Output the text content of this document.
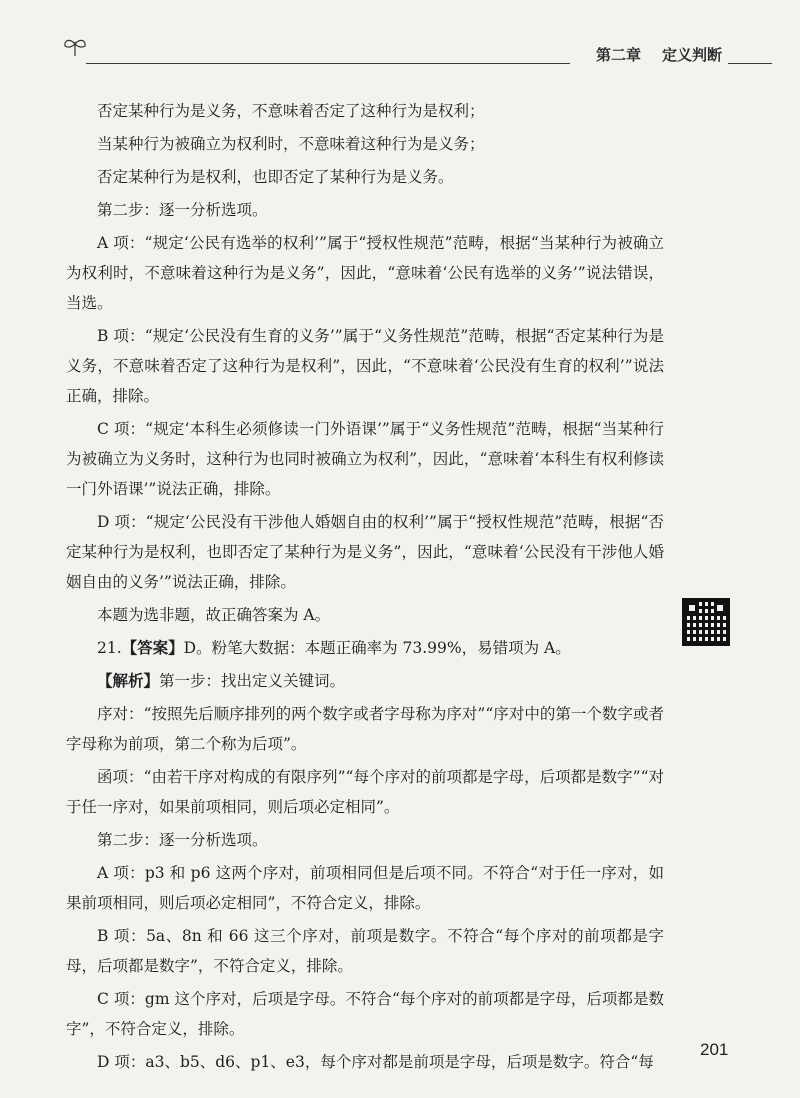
第二章 定义判断

否定某种行为是义务，不意味着否定了这种行为是权利；

当某种行为被确立为权利时，不意味着这种行为是义务；

否定某种行为是权利，也即否定了某种行为是义务。

第二步：逐一分析选项。

A 项：“规定‘公民有选举的权利’”属于“授权性规范”范畴，根据“当某种行为被确立为权利时，不意味着这种行为是义务”，因此，“意味着‘公民有选举的义务’”说法错误，当选。

B 项：“规定‘公民没有生育的义务’”属于“义务性规范”范畴，根据“否定某种行为是义务，不意味着否定了这种行为是权利”，因此，“不意味着‘公民没有生育的权利’”说法正确，排除。

C 项：“规定‘本科生必须修读一门外语课’”属于“义务性规范”范畴，根据“当某种行为被确立为义务时，这种行为也同时被确立为权利”，因此，“意味着‘本科生有权利修读一门外语课’”说法正确，排除。

D 项：“规定‘公民没有干涉他人婚姻自由的权利’”属于“授权性规范”范畴，根据“否定某种行为是权利，也即否定了某种行为是义务”，因此，“意味着‘公民没有干涉他人婚姻自由的义务’”说法正确，排除。

本题为选非题，故正确答案为 A。

21.【答案】D。粉笔大数据：本题正确率为 73.99%，易错项为 A。

【解析】第一步：找出定义关键词。

序对：“按照先后顺序排列的两个数字或者字母称为序对”“序对中的第一个数字或者字母称为前项，第二个称为后项”。

函项：“由若干序对构成的有限序列”“每个序对的前项都是字母，后项都是数字”“对于任一序对，如果前项相同，则后项必定相同”。

第二步：逐一分析选项。

A 项：p3 和 p6 这两个序对，前项相同但是后项不同。不符合“对于任一序对，如果前项相同，则后项必定相同”，不符合定义，排除。

B 项：5a、8n 和 66 这三个序对，前项是数字。不符合“每个序对的前项都是字母，后项都是数字”，不符合定义，排除。

C 项：gm 这个序对，后项是字母。不符合“每个序对的前项都是字母，后项都是数字”，不符合定义，排除。

D 项：a3、b5、d6、p1、e3，每个序对都是前项是字母，后项是数字。符合“每

201
